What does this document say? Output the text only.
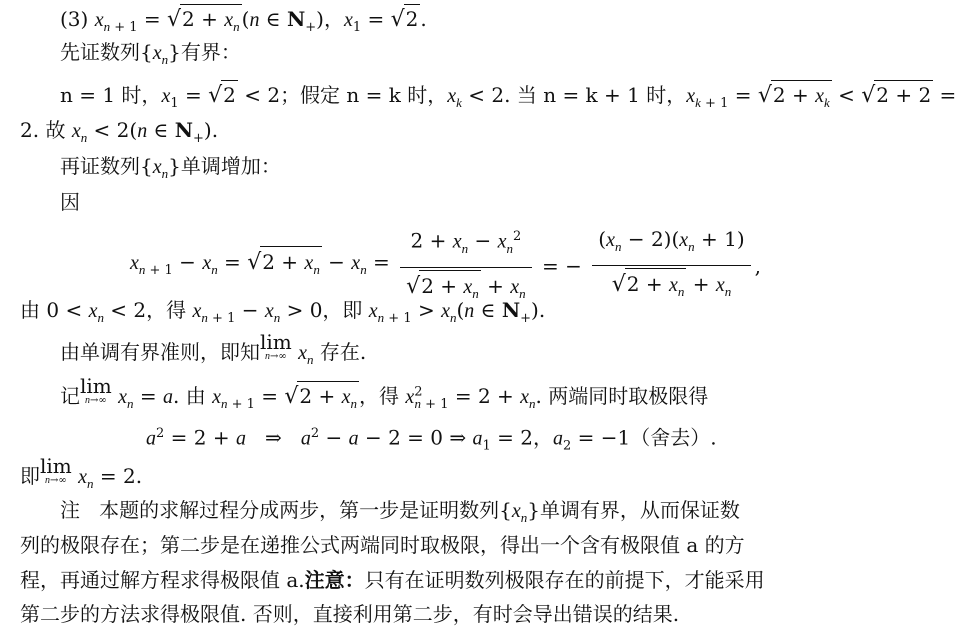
(3) $x_{n + 1} = √2 + x_n$ (n ∈ $N_+$)，$x_1 = √2$ .
先证数列$\{x_n\}$有界：
n = 1 时，$x_1 = √2 < 2$；假定 n = k 时，$x_k < 2$. 当 n = k + 1 时，$x_{k + 1} = √2 + x_k < √2 + 2$ =
2. 故 $x_n < 2(n$ ∈ $N_+$).
再证数列$\{x_n\}$单调增加：
因
$x_{n + 1} - x_n = √2 + x_n - x_n = \frac{2 + x_n - x_n^2}{√2 + x_n + x_n}$ = − $\frac{(x_n - 2)(x_n + 1)}{√2 + x_n + x_n}$ ,
由 $0 < x_n < 2$，得 $x_{n + 1} - x_n > 0$，即 $x_{n + 1} > x_n(n$ ∈ $N_+$).
由单调有界准则，即知lim
n→∞ $x_n$ 存在.
记lim
n→∞ $x_n = a$. 由 $x_{n + 1} = √2 + x_n$ ，得 $x^2_{n + 1} = 2 + x_n$. 两端同时取极限得
$a^2 = 2 + a$   ⇒   $a^2 - a - 2 = 0$ ⇒ $a_1 = 2$，$a_2 = -1$（舍去）.
即lim
n→∞ $x_n = 2$.
注 本题的求解过程分成两步，第一步是证明数列$\{x_n\}$单调有界，从而保证数
列的极限存在；第二步是在递推公式两端同时取极限，得出一个含有极限值 a 的方
程，再通过解方程求得极限值 a.注意：只有在证明数列极限存在的前提下，才能采用
第二步的方法求得极限值. 否则，直接利用第二步，有时会导出错误的结果.
